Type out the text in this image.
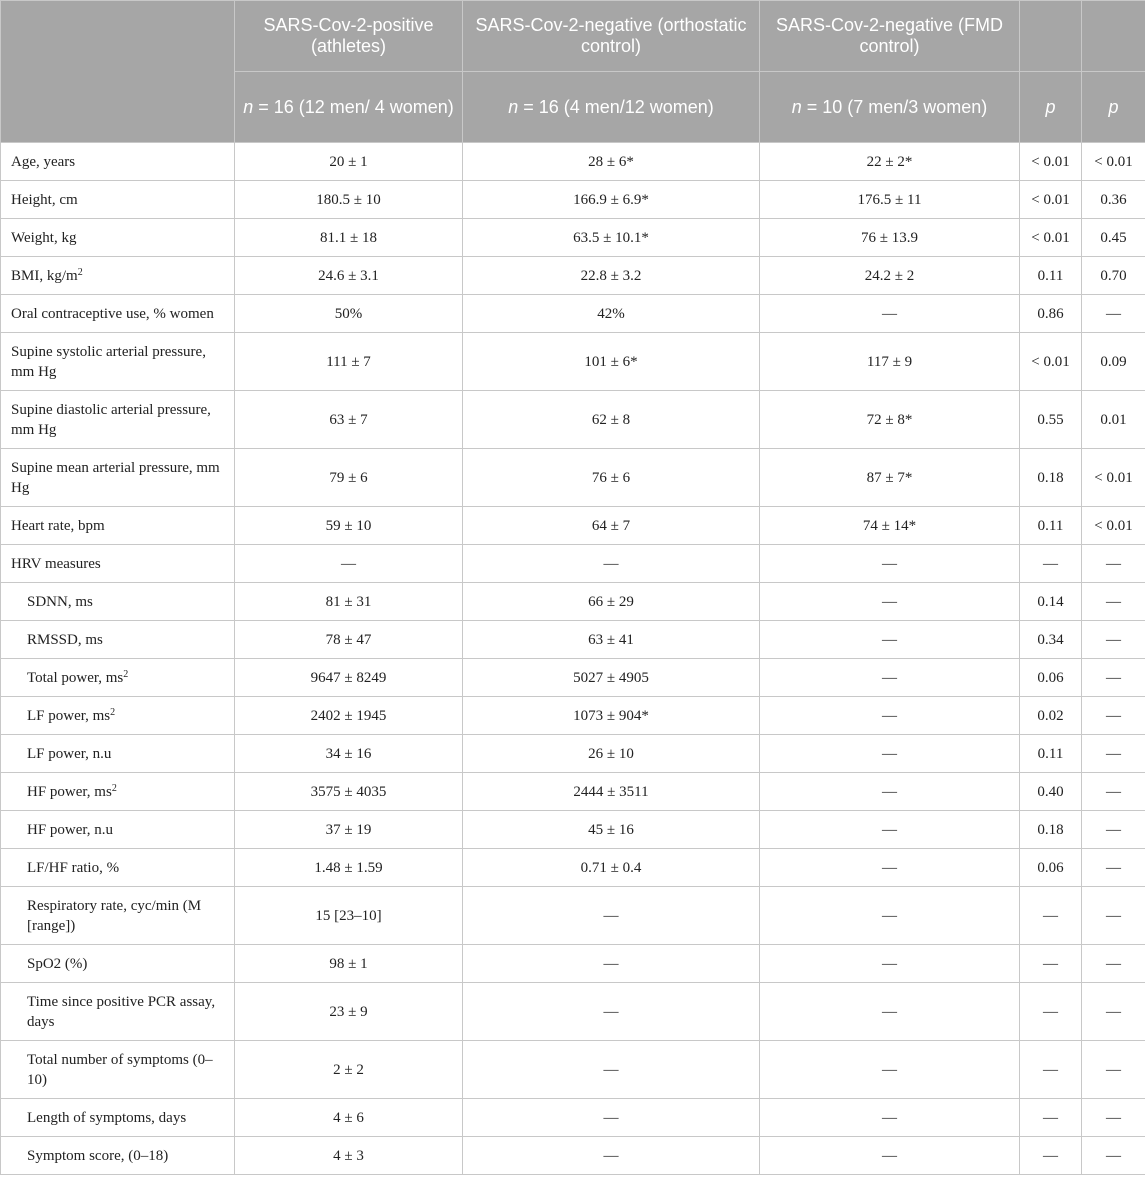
	SARS-Cov-2-positive (athletes)	SARS-Cov-2-negative (orthostatic control)	SARS-Cov-2-negative (FMD control)		
	n = 16 (12 men/ 4 women)	n = 16 (4 men/12 women)	n = 10 (7 men/3 women)	p	p
Age, years	20 ± 1	28 ± 6*	22 ± 2*	< 0.01	< 0.01
Height, cm	180.5 ± 10	166.9 ± 6.9*	176.5 ± 11	< 0.01	0.36
Weight, kg	81.1 ± 18	63.5 ± 10.1*	76 ± 13.9	< 0.01	0.45
BMI, $kg/m^2$	24.6 ± 3.1	22.8 ± 3.2	24.2 ± 2	0.11	0.70
Oral contraceptive use, % women	50%	42%	—	0.86	—
Supine systolic arterial pressure, mm Hg	111 ± 7	101 ± 6*	117 ± 9	< 0.01	0.09
Supine diastolic arterial pressure, mm Hg	63 ± 7	62 ± 8	72 ± 8*	0.55	0.01
Supine mean arterial pressure, mm Hg	79 ± 6	76 ± 6	87 ± 7*	0.18	< 0.01
Heart rate, bpm	59 ± 10	64 ± 7	74 ± 14*	0.11	< 0.01
HRV measures	—	—	—	—	—
SDNN, ms	81 ± 31	66 ± 29	—	0.14	—
RMSSD, ms	78 ± 47	63 ± 41	—	0.34	—
Total power, $ms^2$	9647 ± 8249	5027 ± 4905	—	0.06	—
LF power, $ms^2$	2402 ± 1945	1073 ± 904*	—	0.02	—
LF power, n.u	34 ± 16	26 ± 10	—	0.11	—
HF power, $ms^2$	3575 ± 4035	2444 ± 3511	—	0.40	—
HF power, n.u	37 ± 19	45 ± 16	—	0.18	—
LF/HF ratio, %	1.48 ± 1.59	0.71 ± 0.4	—	0.06	—
Respiratory rate, cyc/min (M [range])	15 [23–10]	—	—	—	—
SpO2 (%)	98 ± 1	—	—	—	—
Time since positive PCR assay, days	23 ± 9	—	—	—	—
Total number of symptoms (0–10)	2 ± 2	—	—	—	—
Length of symptoms, days	4 ± 6	—	—	—	—
Symptom score, (0–18)	4 ± 3	—	—	—	—
